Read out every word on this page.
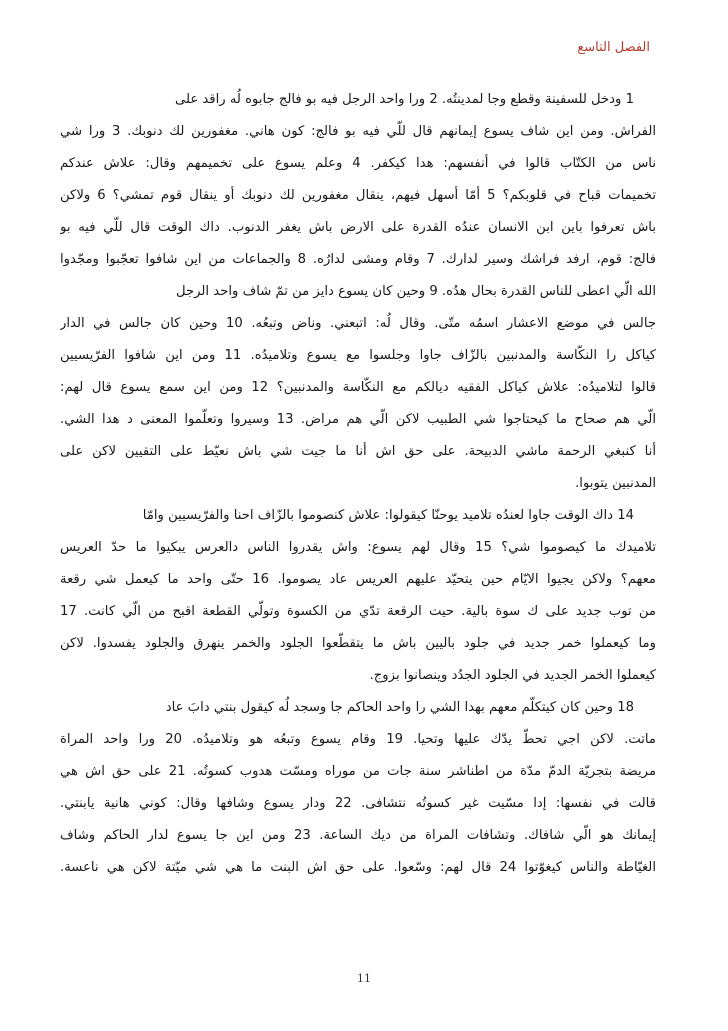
الفصل التاسع
1 ودخل للسفينة وقطع وجا لمدينتُه. 2 ورا واحد الرجل فيه بو فالج جابوه لُه راقد على
الفراش. ومن اين شاف يسوع إيمانهم قال للّي فيه بو فالج: كون هاني. مغفورين لك دنوبك. 3 ورا شي
ناس من الكتّاب قالوا في أنفسهم: هدا كيكفر. 4 وعلم يسوع على تخميمهم وقال: علاش عندكم
تخميمات قباح في قلوبكم؟ 5 أمّا أسهل فيهم، ينقال مغفورين لك دنوبك أو ينقال قوم تمشي؟ 6 ولاكن
باش تعرفوا باين ابن الانسان عندُه القدرة على الارض باش يغفر الدنوب. داك الوقت قال للّي فيه بو
فالج: قوم، ارفد فراشك وسير لدارك. 7 وقام ومشى لدارُه. 8 والجماعات من اين شافوا تعجّبوا ومجّدوا
الله الّي اعطى للناس القدرة بحال هدُه. 9 وحين كان يسوع دايز من تمّ شاف واحد الرجل
جالس في موضع الاعشار اسمُه متّى. وقال لُه: اتبعني. وناض وتبعُه. 10 وحين كان جالس في الدار
كياكل را النكّاسة والمدنبين بالزّاف جاوا وجلسوا مع يسوع وتلاميدُه. 11 ومن اين شافوا الفرّيسيين
قالوا لتلاميدُه: علاش كياكل الفقيه ديالكم مع النكّاسة والمدنبين؟ 12 ومن اين سمع يسوع قال لهم:
الّي هم صحاح ما كيحتاجوا شي الطبيب لاكن الّي هم مراض. 13 وسيروا وتعلّموا المعنى د هدا الشي.
أنا كنبغي الرحمة ماشي الدبيحة. على حق اش أنا ما جيت شي باش نعيّط على التقيين لاكن على
المدنبين يتوبوا.
14 داك الوقت جاوا لعندُه تلاميد يوحنّا كيقولوا: علاش كنصوموا بالزّاف احنا والفرّيسيين وامّا
تلاميدك ما كيصوموا شي؟ 15 وقال لهم يسوع: واش يقدروا الناس دالعرس يبكيوا ما حدّ العريس
معهم؟ ولاكن يجيوا الايّام حين يتحيّد عليهم العريس عاد يصوموا. 16 حتّى واحد ما كيعمل شي رقعة
من توب جديد على ك سوة بالية. حيت الرقعة تدّي من الكسوة وتولّي القطعة اقبح من الّي كانت. 17
وما كيعملوا خمر جديد في جلود باليين باش ما يتقطّعوا الجلود والخمر ينهرق والجلود يفسدوا. لاكن
كيعملوا الخمر الجديد في الجلود الجدُد وينصانوا بزوج.
18 وحين كان كيتكلّم معهم بهدا الشي را واحد الحاكم جا وسجد لُه كيقول بنتي دابَ عاد
ماتت. لاكن اجي تحطّ يدّك عليها وتحيا. 19 وقام يسوع وتبعُه هو وتلاميدُه. 20 ورا واحد المراة
مريضة بتجريّة الدمّ مدّة من اطناشر سنة جات من موراه ومسّت هدوب كسوتُه. 21 على حق اش هي
قالت في نفسها: إدا مسّيت غير كسوتُه نتشافى. 22 ودار يسوع وشافها وقال: كوني هانية يابنتي.
إيمانك هو الّي شافاك. وتشافات المراة من ديك الساعة. 23 ومن اين جا يسوع لدار الحاكم وشاف
الغيّاطة والناس كيغوّتوا 24 قال لهم: وسّعوا. على حق اش البنت ما هي شي ميّتة لاكن هي ناعسة.
11
